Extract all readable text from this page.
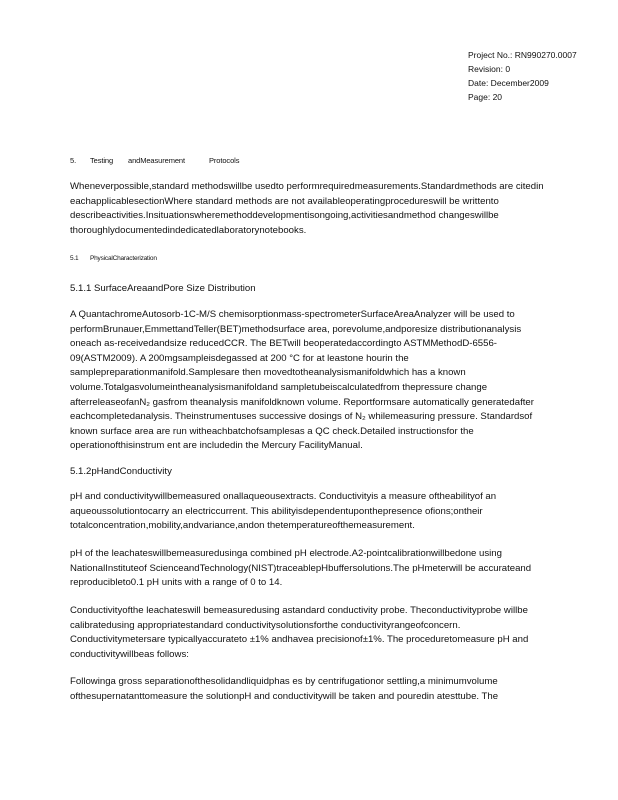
Project No.: RN990270.0007
Revision: 0
Date: December2009
Page: 20
5. Testing andMeasurement	Protocols

Wheneverpossible,standard methodswillbe usedto performrequiredmeasurements.Standardmethods are citedin eachapplicablesectionWhere standard methods are not availableoperatingprocedureswill be writtento describeactivities.Insituationswheremethoddevelopmentisongoing,activitiesandmethod changeswillbe thoroughlydocumentedindedicatedlaboratorynotebooks.

5.1 PhysicalCharacterization
5.1.1 SurfaceAreaandPore Size Distribution

A QuantachromeAutosorb-1C-M/S chemisorptionmass-spectrometerSurfaceAreaAnalyzer will be used to performBrunauer,EmmettandTeller(BET)methodsurface area, porevolume,andporesize distributionanalysis oneach as-receivedandsize reducedCCR. The BETwill beoperatedaccordingto ASTMMethodD-6556-09(ASTM2009). A 200mgsampleisdegassed at 200 °C for at leastone hourin the samplepreparationmanifold.Samplesare then movedtotheanalysismanifoldwhich has a known volume.Totalgasvolumeintheanalysismanifoldand sampletubeiscalculatedfrom thepressure change afterreleaseofanN₂ gasfrom theanalysis manifoldknown volume. Reportformsare automatically generatedafter eachcompletedanalysis. Theinstrumentuses successive dosings of N₂ whilemeasuring pressure. Standardsof known surface area are run witheachbatchofsamplesas a QC check.Detailed instructionsfor the operationofthisinstrum ent are includedin the Mercury FacilityManual.

5.1.2pHandConductivity

pH and conductivitywillbemeasured onallaqueousextracts. Conductivityis a measure oftheabilityof an aqueoussolutiontocarry an electriccurrent. This abilityisdependentuponthepresence ofions;ontheir totalconcentration,mobility,andvariance,andon thetemperatureofthemeasurement.

pH of the leachateswillbemeasuredusinga combined pH electrode.A2-pointcalibrationwillbedone using NationalInstituteof ScienceandTechnology(NIST)traceablepHbuffersolutions.The pHmeterwill be accurateand reproducibleto0.1 pH units with a range of 0 to 14.

Conductivityofthe leachateswill bemeasuredusing astandard conductivity probe. Theconductivityprobe willbe calibratedusing appropriatestandard conductivitysolutionsforthe conductivityrangeofconcern. Conductivitymetersare typicallyaccurateto ±1% andhavea precisionof±1%. The proceduretomeasure pH and conductivitywillbeas follows:

Followinga gross separationofthesolidandliquidphas es by centrifugationor settling,a minimumvolume ofthesupernatanttomeasure the solutionpH and conductivitywill be taken and pouredin atesttube. The
